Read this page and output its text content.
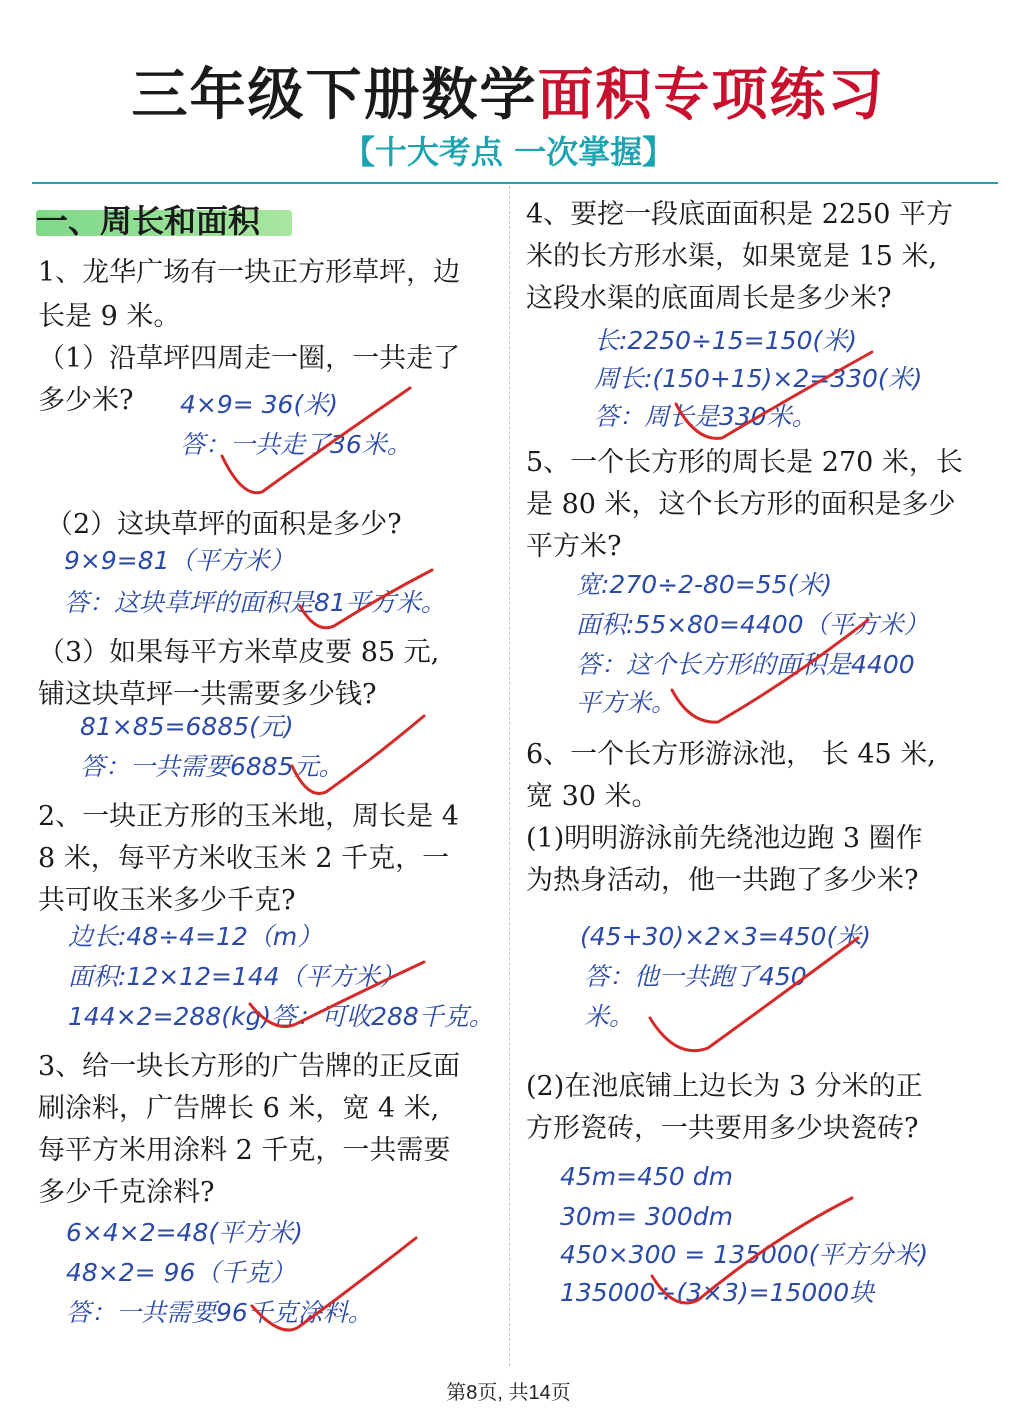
三年级下册数学面积专项练习
【十大考点 一次掌握】
一、周长和面积
1、龙华广场有一块正方形草坪，边
长是 9 米。
（1）沿草坪四周走一圈，一共走了
多少米? 4×9= 36(米)
答：一共走了36米。
（2）这块草坪的面积是多少?
9×9=81（平方米）
答：这块草坪的面积是81平方米。
（3）如果每平方米草皮要 85 元,
铺这块草坪一共需要多少钱?
81×85=6885(元)
答：一共需要6885元。
2、一块正方形的玉米地，周长是 4
8 米，每平方米收玉米 2 千克，一
共可收玉米多少千克?
边长:48÷4=12（m）
面积:12×12=144（平方米）
144×2=288(kg)答：可收288千克。
3、给一块长方形的广告牌的正反面
刷涂料，广告牌长 6 米，宽 4 米,
每平方米用涂料 2 千克，一共需要
多少千克涂料?
6×4×2=48(平方米)
48×2= 96（千克）
答：一共需要96千克涂料。
4、要挖一段底面面积是 2250 平方
米的长方形水渠，如果宽是 15 米,
这段水渠的底面周长是多少米?
长:2250÷15=150(米)
周长:(150+15)×2=330(米)
答：周长是330米。
5、一个长方形的周长是 270 米，长
是 80 米，这个长方形的面积是多少
平方米?
宽:270÷2-80=55(米)
面积:55×80=4400（平方米）
答：这个长方形的面积是4400
平方米。
6、一个长方形游泳池， 长 45 米,
宽 30 米。
(1)明明游泳前先绕池边跑 3 圈作
为热身活动，他一共跑了多少米?
(45+30)×2×3=450(米)
答：他一共跑了450
米。
(2)在池底铺上边长为 3 分米的正
方形瓷砖，一共要用多少块瓷砖?
45m=450 dm
30m= 300dm
450×300 = 135000(平方分米)
135000÷(3×3)=15000块
第8页, 共14页
